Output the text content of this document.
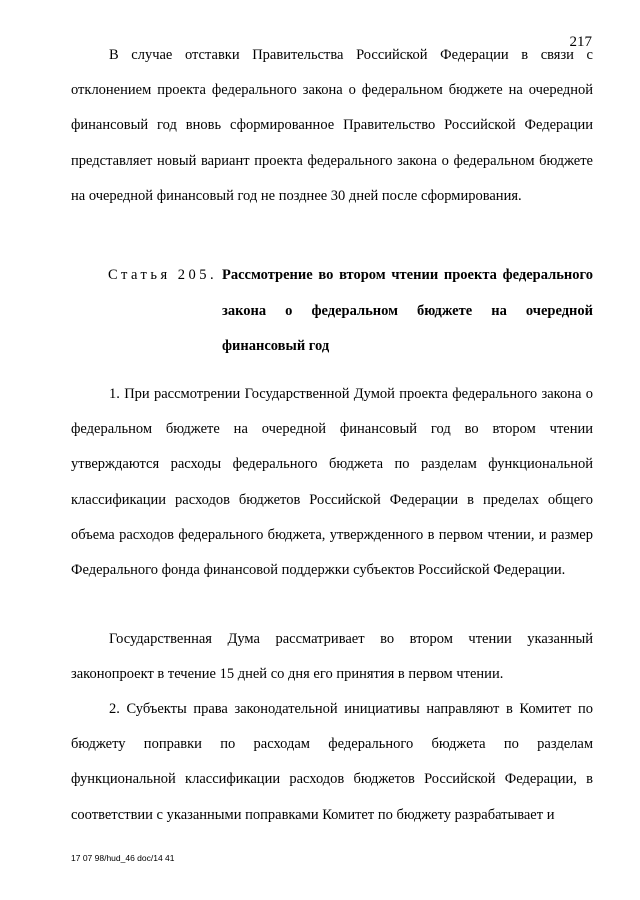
217

В случае отставки Правительства Российской Федерации в связи с отклонением проекта федерального закона о федеральном бюджете на очередной финансовый год вновь сформированное Правительство Российской Федерации представляет новый вариант проекта федерального закона о федеральном бюджете на очередной финансовый год не позднее 30 дней после сформирования.

Статья 205. Рассмотрение во втором чтении проекта федерального закона о федеральном бюджете на очередной финансовый год

1. При рассмотрении Государственной Думой проекта федерального закона о федеральном бюджете на очередной финансовый год во втором чтении утверждаются расходы федерального бюджета по разделам функциональной классификации расходов бюджетов Российской Федерации в пределах общего объема расходов федерального бюджета, утвержденного в первом чтении, и размер Федерального фонда финансовой поддержки субъектов Российской Федерации.

Государственная Дума рассматривает во втором чтении указанный законопроект в течение 15 дней со дня его принятия в первом чтении.

2. Субъекты права законодательной инициативы направляют в Комитет по бюджету поправки по расходам федерального бюджета по разделам функциональной классификации расходов бюджетов Российской Федерации, в соответствии с указанными поправками Комитет по бюджету разрабатывает и

17 07 98/hud_46 doc/14 41
